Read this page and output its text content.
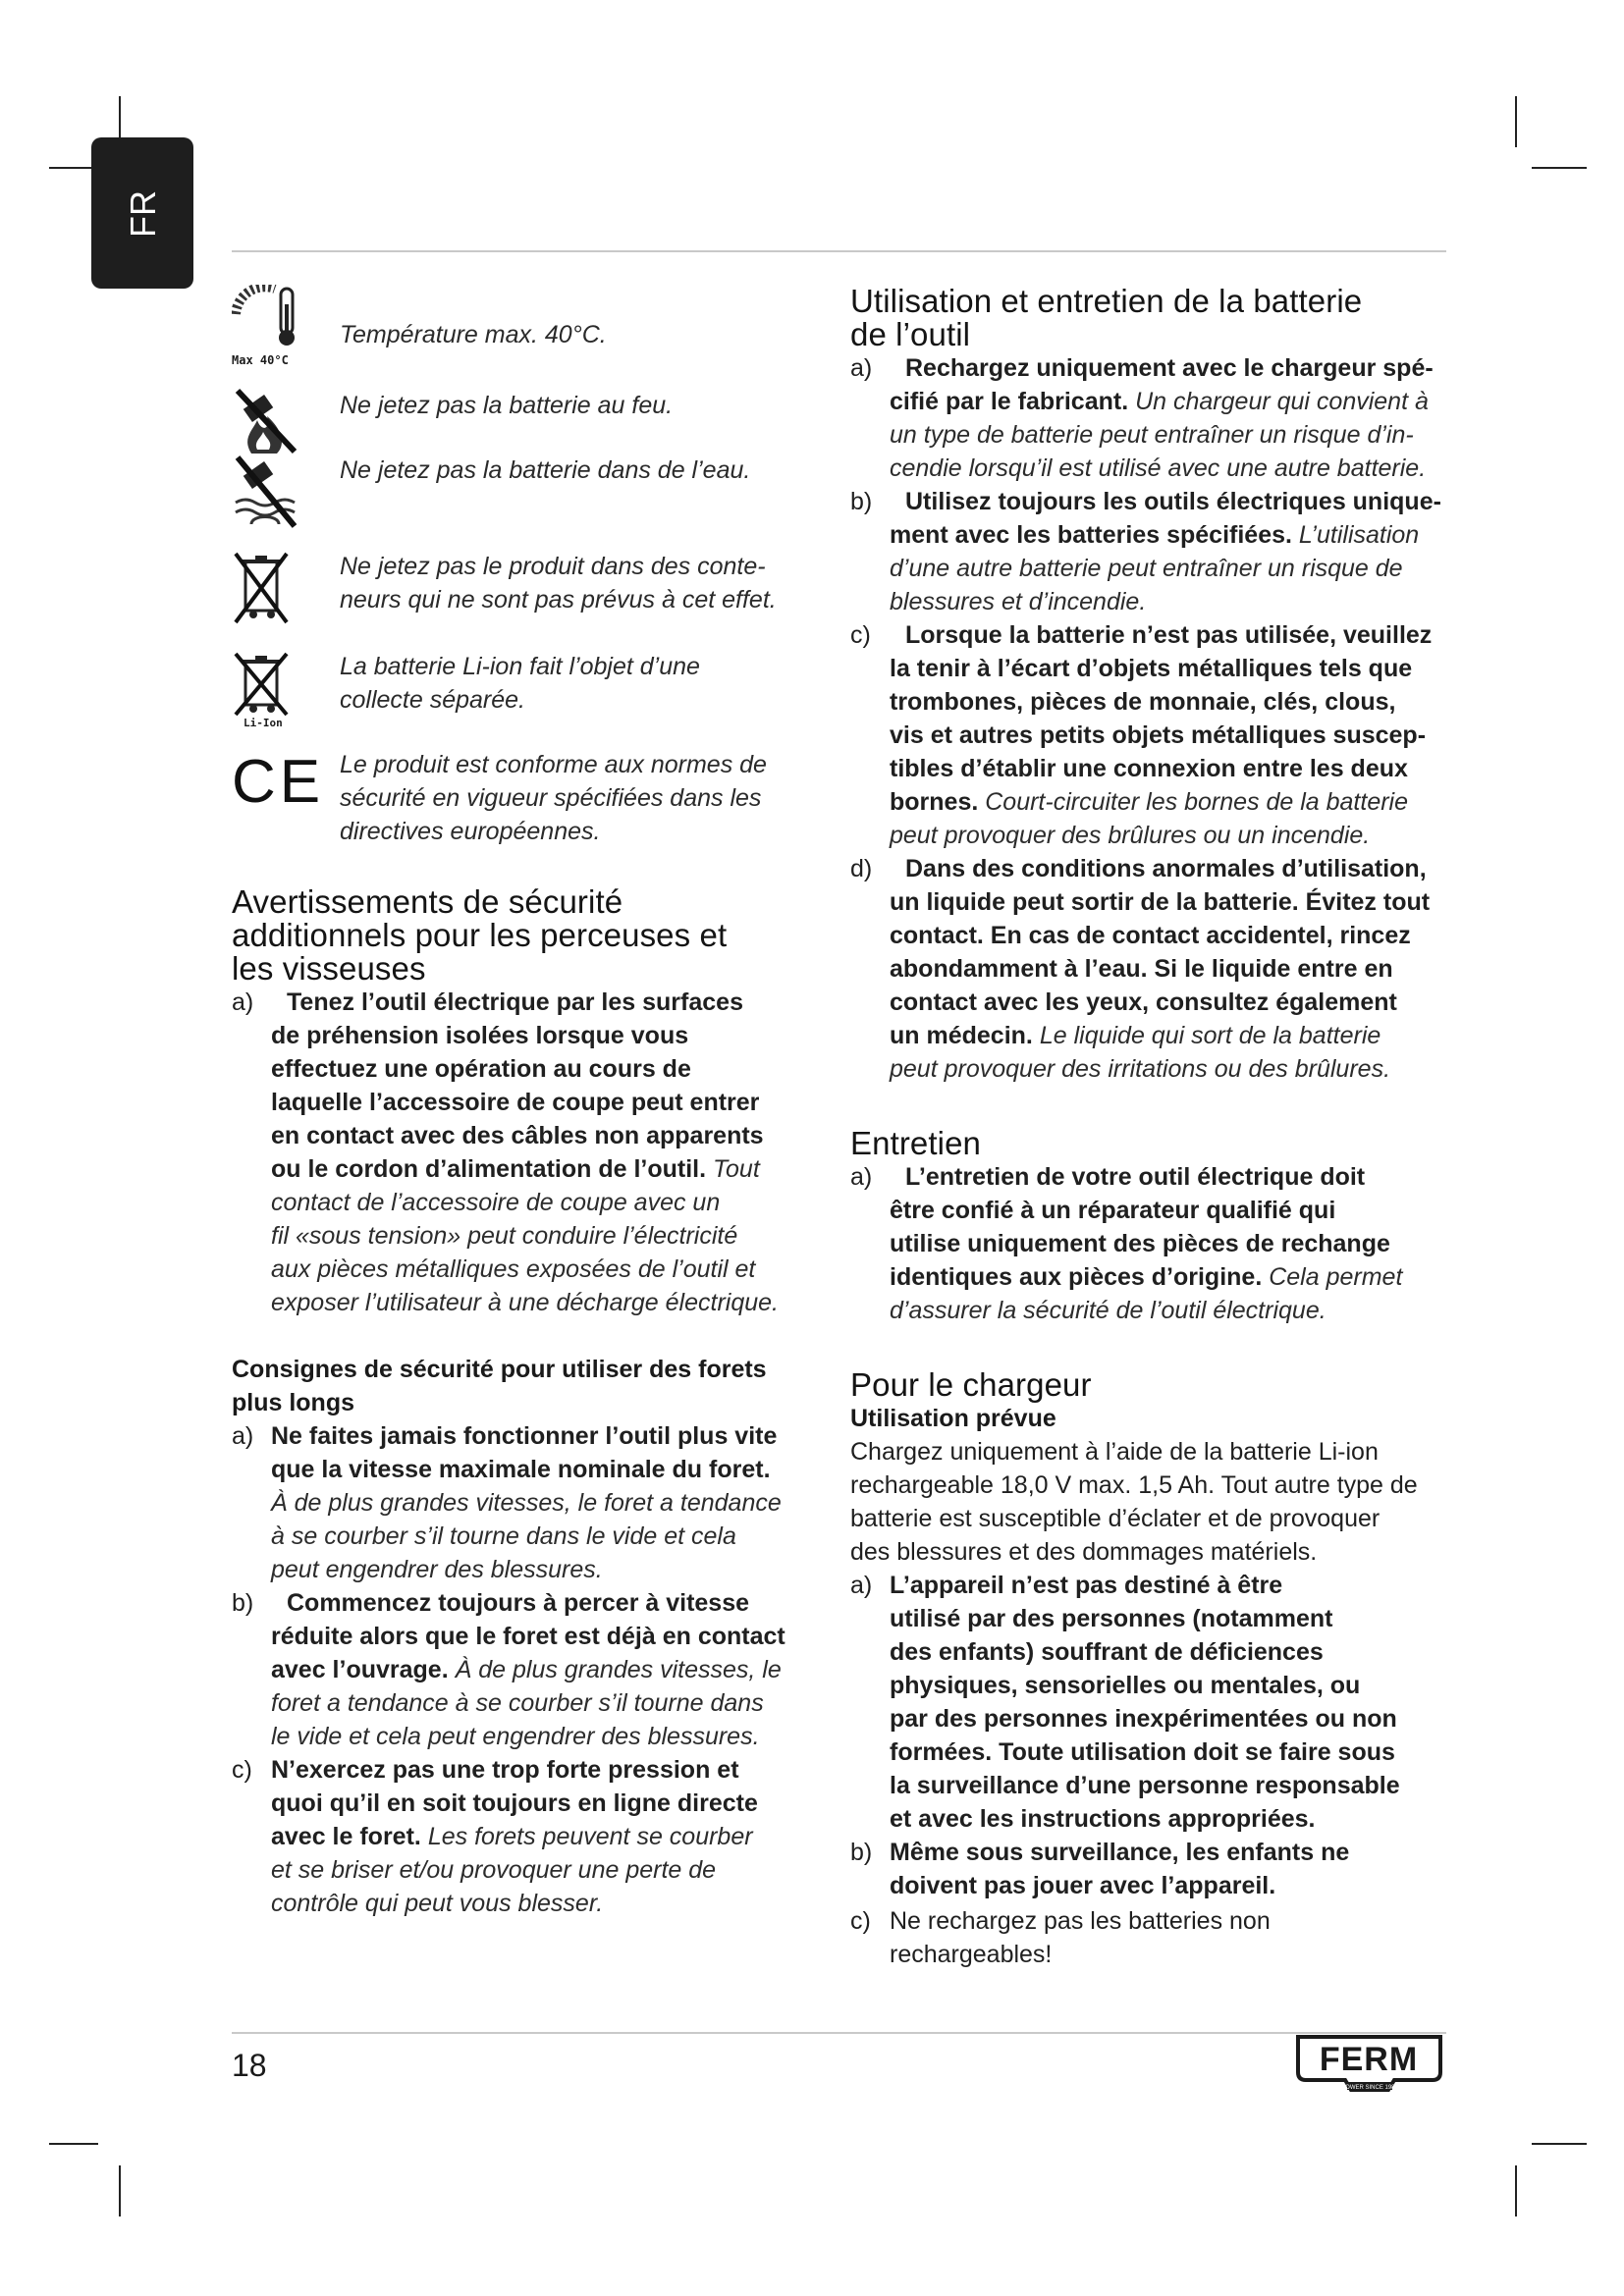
FR
Max 40°C
Température max. 40°C.
Ne jetez pas la batterie au feu.
Ne jetez pas la batterie dans de l’eau.
Ne jetez pas le produit dans des conte-
neurs qui ne sont pas prévus à cet effet.
Li-Ion
La batterie Li-ion fait l’objet d’une
collecte séparée.
CE Le produit est conforme aux normes de
sécurité en vigueur spécifiées dans les
directives européennes.
Avertissements de sécurité
additionnels pour les perceuses et
les visseuses
a)	Tenez l’outil électrique par les surfaces
de préhension isolées lorsque vous
effectuez une opération au cours de
laquelle l’accessoire de coupe peut entrer
en contact avec des câbles non apparents
ou le cordon d’alimentation de l’outil. Tout
contact de l’accessoire de coupe avec un
fil «sous tension» peut conduire l’électricité
aux pièces métalliques exposées de l’outil et
exposer l’utilisateur à une décharge électrique.
Consignes de sécurité pour utiliser des forets
plus longs
a) Ne faites jamais fonctionner l’outil plus vite
que la vitesse maximale nominale du foret.
À de plus grandes vitesses, le foret a tendance
à se courber s’il tourne dans le vide et cela
peut engendrer des blessures.
b)	Commencez toujours à percer à vitesse
réduite alors que le foret est déjà en contact
avec l’ouvrage. À de plus grandes vitesses, le
foret a tendance à se courber s’il tourne dans
le vide et cela peut engendrer des blessures.
c) N’exercez pas une trop forte pression et
quoi qu’il en soit toujours en ligne directe
avec le foret. Les forets peuvent se courber
et se briser et/ou provoquer une perte de
contrôle qui peut vous blesser.
Utilisation et entretien de la batterie
de l’outil
a)	Rechargez uniquement avec le chargeur spé-
cifié par le fabricant. Un chargeur qui convient à
un type de batterie peut entraîner un risque d’in-
cendie lorsqu’il est utilisé avec une autre batterie.
b)	Utilisez toujours les outils électriques unique-
ment avec les batteries spécifiées. L’utilisation
d’une autre batterie peut entraîner un risque de
blessures et d’incendie.
c)	Lorsque la batterie n’est pas utilisée, veuillez
la tenir à l’écart d’objets métalliques tels que
trombones, pièces de monnaie, clés, clous,
vis et autres petits objets métalliques suscep-
tibles d’établir une connexion entre les deux
bornes. Court-circuiter les bornes de la batterie
peut provoquer des brûlures ou un incendie.
d)	Dans des conditions anormales d’utilisation,
un liquide peut sortir de la batterie. Évitez tout
contact. En cas de contact accidentel, rincez
abondamment à l’eau. Si le liquide entre en
contact avec les yeux, consultez également
un médecin. Le liquide qui sort de la batterie
peut provoquer des irritations ou des brûlures.
Entretien
a)	L’entretien de votre outil électrique doit
être confié à un réparateur qualifié qui
utilise uniquement des pièces de rechange
identiques aux pièces d’origine. Cela permet
d’assurer la sécurité de l’outil électrique.
Pour le chargeur
Utilisation prévue
Chargez uniquement à l’aide de la batterie Li-ion
rechargeable 18,0 V max. 1,5 Ah. Tout autre type de
batterie est susceptible d’éclater et de provoquer
des blessures et des dommages matériels.
a) L’appareil n’est pas destiné à être
utilisé par des personnes (notamment
des enfants) souffrant de déficiences
physiques, sensorielles ou mentales, ou
par des personnes inexpérimentées ou non
formées. Toute utilisation doit se faire sous
la surveillance d’une personne responsable
et avec les instructions appropriées.
b) Même sous surveillance, les enfants ne
doivent pas jouer avec l’appareil.
c) Ne rechargez pas les batteries non
rechargeables!
18	FERM
POWER SINCE 1985
